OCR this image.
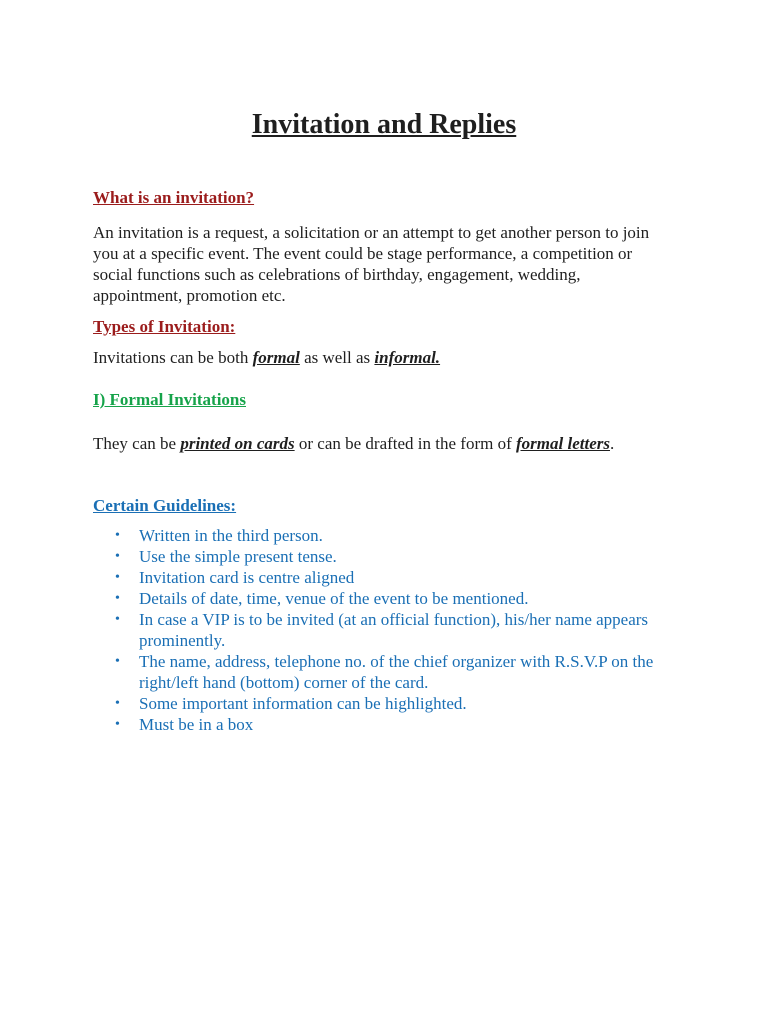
Invitation and Replies

What is an invitation?

An invitation is a request, a solicitation or an attempt to get another person to join you at a specific event. The event could be stage performance, a competition or social functions such as celebrations of birthday, engagement, wedding, appointment, promotion etc.

Types of Invitation:

Invitations can be both formal as well as informal.

I) Formal Invitations

They can be printed on cards or can be drafted in the form of formal letters.

Certain Guidelines:

• Written in the third person.
• Use the simple present tense.
• Invitation card is centre aligned
• Details of date, time, venue of the event to be mentioned.
• In case a VIP is to be invited (at an official function), his/her name appears prominently.
• The name, address, telephone no. of the chief organizer with R.S.V.P on the right/left hand (bottom) corner of the card.
• Some important information can be highlighted.
• Must be in a box
